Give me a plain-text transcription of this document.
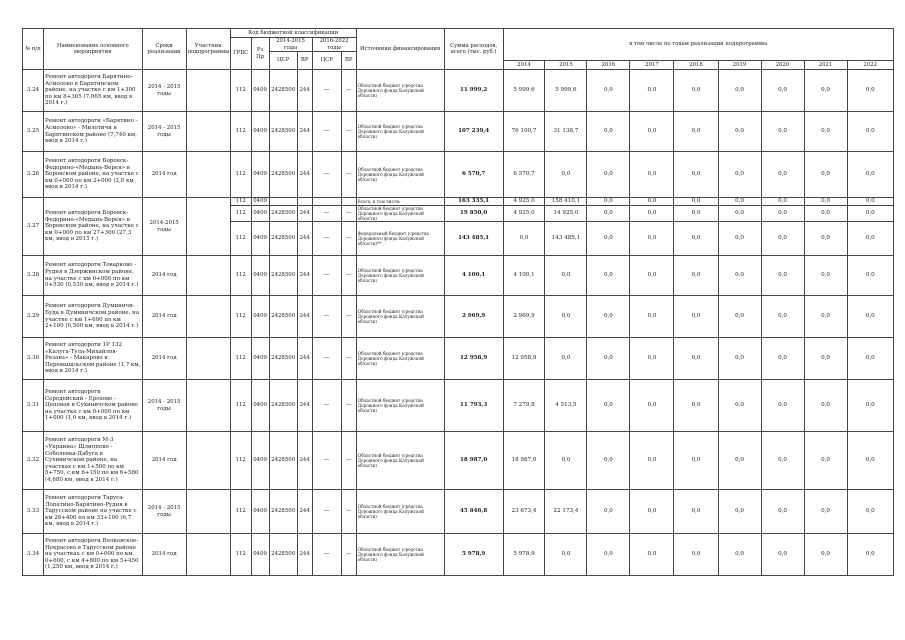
№ п/п	Наименование основного мероприятия	Сроки реализации	Участник подпрограммы	Код бюджетной классификации						Источники финансирования	Сумма расходов, всего (тыс. руб.)	в том числе по годам реализации подпрограммы								
				ГРБС	Рз Пр	2014-2015 годы		2016-2022 годы												
						ЦСР	ВР	ЦСР	ВР											
												2014	2015	2016	2017	2018	2019	2020	2021	2022
3.24	Ремонт автодороги Барятино-Асмолово в Барятинском районе, на участке с км 1+300 по км 8+365 (7,065 км, ввод в 2014 г.)	2014 - 2015 годы		112	0409	2428500	244	—	—	Областной бюджет (средства Дорожного фонда Калужской области)	11 999,2	5 999,6	5 999,6	0,0	0,0	0,0	0,0	0,0	0,0	0,0
3.25	Ремонт автодороги «Барятино - Асмолово» - Милотичи в Барятинском районе (7,740 км, ввод в 2014 г.)	2014 - 2015 годы		112	0409	2428500	244	—	—	Областной бюджет (средства Дорожного фонда Калужской области)	107 239,4	76 100,7	31 138,7	0,0	0,0	0,0	0,0	0,0	0,0	0,0
3.26	Ремонт автодороги Боровск-Федорино-«Медынь-Верея» в Боровском районе, на участке с км 0+000 по км 2+000 (2,0 км, ввод в 2014 г.)	2014 год		112	0409	2428500	244	—	—	Областной бюджет (средства Дорожного фонда Калужской области)	6 570,7	6 570,7	0,0	0,0	0,0	0,0	0,0	0,0	0,0	0,0
3.27	Ремонт автодороги Боровск-Федорино-«Медынь-Верея» в Боровском районе, на участке с км 0+000 по км 27+300 (27,3 км, ввод в 2015 г.)	2014-2015 годы		112	0409					Всего, в том числе:	163 335,1	4 925,0	158 410,1	0,0	0,0	0,0	0,0	0,0	0,0	0,0
				112	0409	2428500	244	—	—	Областной бюджет (средства Дорожного фонда Калужской области)	19 850,0	4 925,0	14 925,0	0,0	0,0	0,0	0,0	0,0	0,0	0,0
				112	0409	2428500	244	—	—	Федеральный бюджет (средства Дорожного фонда Калужской области)**	143 485,1	0,0	143 485,1	0,0	0,0	0,0	0,0	0,0	0,0	0,0
3.28	Ремонт автодороги Товарково - Рудня в Дзержинском районе, на участке с км 0+000 по км 0+530 (0,530 км, ввод в 2014 г.)	2014 год		112	0409	2428500	244	—	—	Областной бюджет (средства Дорожного фонда Калужской области)	4 100,1	4 100,1	0,0	0,0	0,0	0,0	0,0	0,0	0,0	0,0
3.29	Ремонт автодороги Думиничи-Буда в Думиничском районе, на участке с км 1+600 по км 2+100 (0,500 км, ввод в 2014 г.)	2014 год		112	0409	2428500	244	—	—	Областной бюджет (средства Дорожного фонда Калужской области)	2 969,9	2 969,9	0,0	0,0	0,0	0,0	0,0	0,0	0,0	0,0
3.30	Ремонт автодороги 1Р 132 «Калуга-Тула-Михайлов-Рязань» - Макарово в Перемышльском районе (1,7 км, ввод в 2014 г.)	2014 год		112	0409	2428500	244	—	—	Областной бюджет (средства Дорожного фонда Калужской области)	12 958,9	12 958,9	0,0	0,0	0,0	0,0	0,0	0,0	0,0	0,0
3.31	Ремонт автодороги Середейский - Ерохово - Цеповая в Сухиничском районе на участке с км 0+000 по км 1+000 (1,0 км, ввод в 2014 г.)	2014 - 2015 годы		112	0409	2428500	244	—	—	Областной бюджет (средства Дорожного фонда Калужской области)	11 793,3	7 279,8	4 513,5	0,0	0,0	0,0	0,0	0,0	0,0	0,0
3.32	Ремонт автодороги М-3 «Украина» Шлиппово - Соболевка-Дабуга в Сухиничском районе, на участках с км 1+500 по км 5+750, с км 6+150 по км 6+580 (4,680 км, ввод в 2014 г.)	2014 год		112	0409	2428500	244	—	—	Областной бюджет (средства Дорожного фонда Калужской области)	18 987,0	18 987,0	0,0	0,0	0,0	0,0	0,0	0,0	0,0	0,0
3.33	Ремонт автодороги Таруса-Лопатино-Барятино-Рудня в Тарусском районе на участке с км 26+400 по км 33+100 (6,7 км, ввод в 2014 г.)	2014 - 2015 годы		112	0409	2428500	244	—	—	Областной бюджет (средства Дорожного фонда Калужской области)	45 846,8	23 673,4	22 173,4	0,0	0,0	0,0	0,0	0,0	0,0	0,0
3.34	Ремонт автодороги Волковское-Некрасово в Тарусском районе на участках с км 0+000 по км 0+600, с км 4+800 по км 5+450 (1,250 км, ввод в 2014 г.)	2014 год		112	0409	2428500	244	—	—	Областной бюджет (средства Дорожного фонда Калужской области)	5 978,9	5 978,9	0,0	0,0	0,0	0,0	0,0	0,0	0,0	0,0
